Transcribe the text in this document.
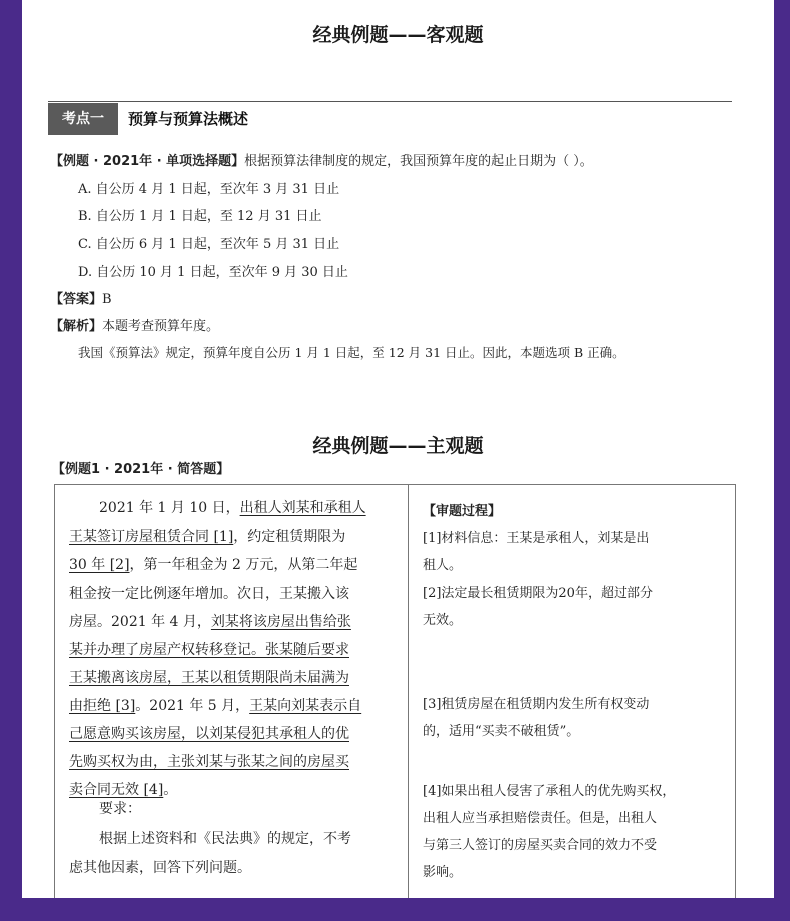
经典例题——客观题
考点一	预算与预算法概述
【例题 · 2021年 · 单项选择题】根据预算法律制度的规定，我国预算年度的起止日期为（ ）。
A. 自公历 4 月 1 日起，至次年 3 月 31 日止
B. 自公历 1 月 1 日起，至 12 月 31 日止
C. 自公历 6 月 1 日起，至次年 5 月 31 日止
D. 自公历 10 月 1 日起，至次年 9 月 30 日止
【答案】B
【解析】本题考查预算年度。
我国《预算法》规定，预算年度自公历 1 月 1 日起，至 12 月 31 日止。因此，本题选项 B 正确。
经典例题——主观题
【例题1 · 2021年 · 简答题】
2021 年 1 月 10 日，出租人刘某和承租人
王某签订房屋租赁合同 [1]，约定租赁期限为
30 年 [2]，第一年租金为 2 万元，从第二年起
租金按一定比例逐年增加。次日，王某搬入该
房屋。2021 年 4 月，刘某将该房屋出售给张
某并办理了房屋产权转移登记。张某随后要求
王某搬离该房屋，王某以租赁期限尚未届满为
由拒绝 [3]。2021 年 5 月，王某向刘某表示自
己愿意购买该房屋，以刘某侵犯其承租人的优
先购买权为由，主张刘某与张某之间的房屋买
卖合同无效 [4]。
要求：
根据上述资料和《民法典》的规定，不考
虑其他因素，回答下列问题。
【审题过程】
[1]材料信息：王某是承租人，刘某是出
租人。
[2]法定最长租赁期限为20年，超过部分
无效。
[3]租赁房屋在租赁期内发生所有权变动
的，适用“买卖不破租赁”。
[4]如果出租人侵害了承租人的优先购买权，
出租人应当承担赔偿责任。但是，出租人
与第三人签订的房屋买卖合同的效力不受
影响。
